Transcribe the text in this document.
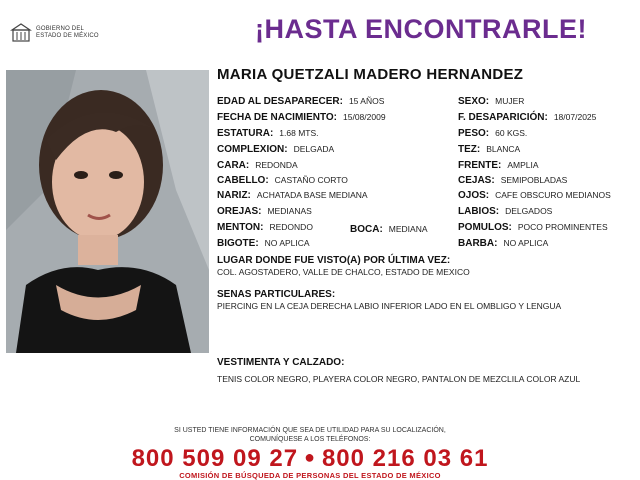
GOBIERNO DEL
ESTADO DE MÉXICO	¡HASTA ENCONTRARLE!
MARIA QUETZALI MADERO HERNANDEZ
EDAD AL DESAPARECER: 15 AÑOS
FECHA DE NACIMIENTO: 15/08/2009
ESTATURA: 1.68 MTS.
COMPLEXION: DELGADA
CARA: REDONDA
CABELLO: CASTAÑO CORTO
NARIZ: ACHATADA BASE MEDIANA
OREJAS: MEDIANAS
MENTON: REDONDO	BOCA: MEDIANA
BIGOTE: NO APLICA
SEXO: MUJER
F. DESAPARICIÓN: 18/07/2025
PESO: 60 KGS.
TEZ: BLANCA
FRENTE: AMPLIA
CEJAS: SEMIPOBLADAS
OJOS: CAFE OBSCURO MEDIANOS
LABIOS: DELGADOS
POMULOS: POCO PROMINENTES
BARBA: NO APLICA
LUGAR DONDE FUE VISTO(A) POR ÚLTIMA VEZ:
COL. AGOSTADERO, VALLE DE CHALCO, ESTADO DE MEXICO
SENAS PARTICULARES:
PIERCING EN LA CEJA DERECHA LABIO INFERIOR LADO EN EL OMBLIGO Y LENGUA
VESTIMENTA Y CALZADO:
TENIS COLOR NEGRO, PLAYERA COLOR NEGRO, PANTALON DE MEZCLILA COLOR AZUL
SI USTED TIENE INFORMACIÓN QUE SEA DE UTILIDAD PARA SU LOCALIZACIÓN,
COMUNÍQUESE A LOS TELÉFONOS:
800 509 09 27 ● 800 216 03 61
COMISIÓN DE BÚSQUEDA DE PERSONAS DEL ESTADO DE MÉXICO
